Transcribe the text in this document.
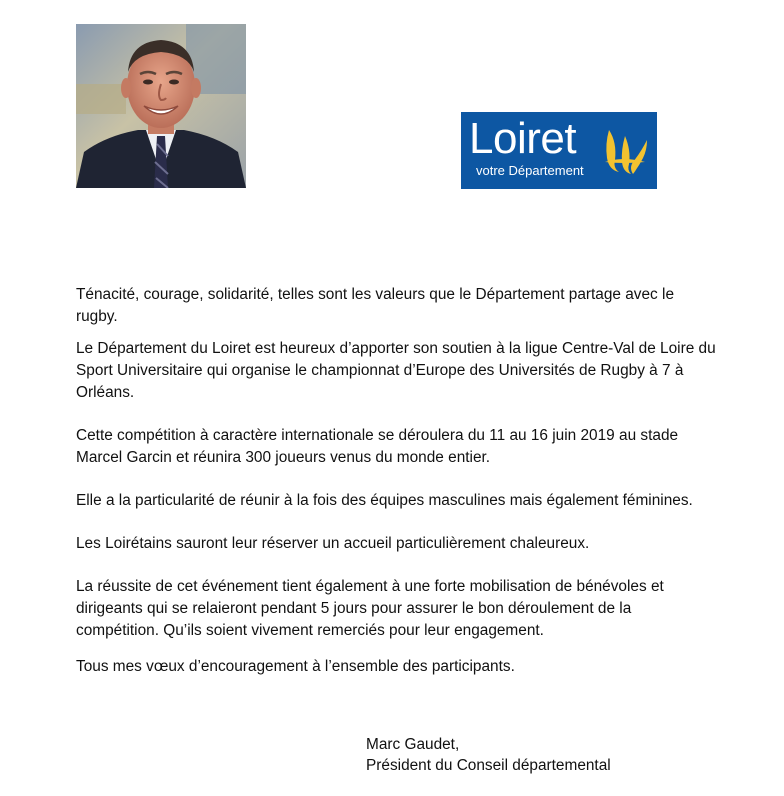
Loiret
votre Département

Ténacité, courage, solidarité, telles sont les valeurs que le Département partage avec le rugby.

Le Département du Loiret est heureux d’apporter son soutien à la ligue Centre-Val de Loire du Sport Universitaire qui organise le championnat d’Europe des Universités de Rugby à 7 à Orléans.

Cette compétition à caractère internationale se déroulera du 11 au 16 juin 2019 au stade Marcel Garcin et réunira 300 joueurs venus du monde entier.

Elle a la particularité de réunir à la fois des équipes masculines mais également féminines.

Les Loirétains sauront leur réserver un accueil particulièrement chaleureux.

La réussite de cet événement tient également à une forte mobilisation de bénévoles et dirigeants qui se relaieront pendant 5 jours pour assurer le bon déroulement de la compétition. Qu’ils soient vivement remerciés pour leur engagement.

Tous mes vœux d’encouragement à l’ensemble des participants.

Marc Gaudet,
Président du Conseil départemental
